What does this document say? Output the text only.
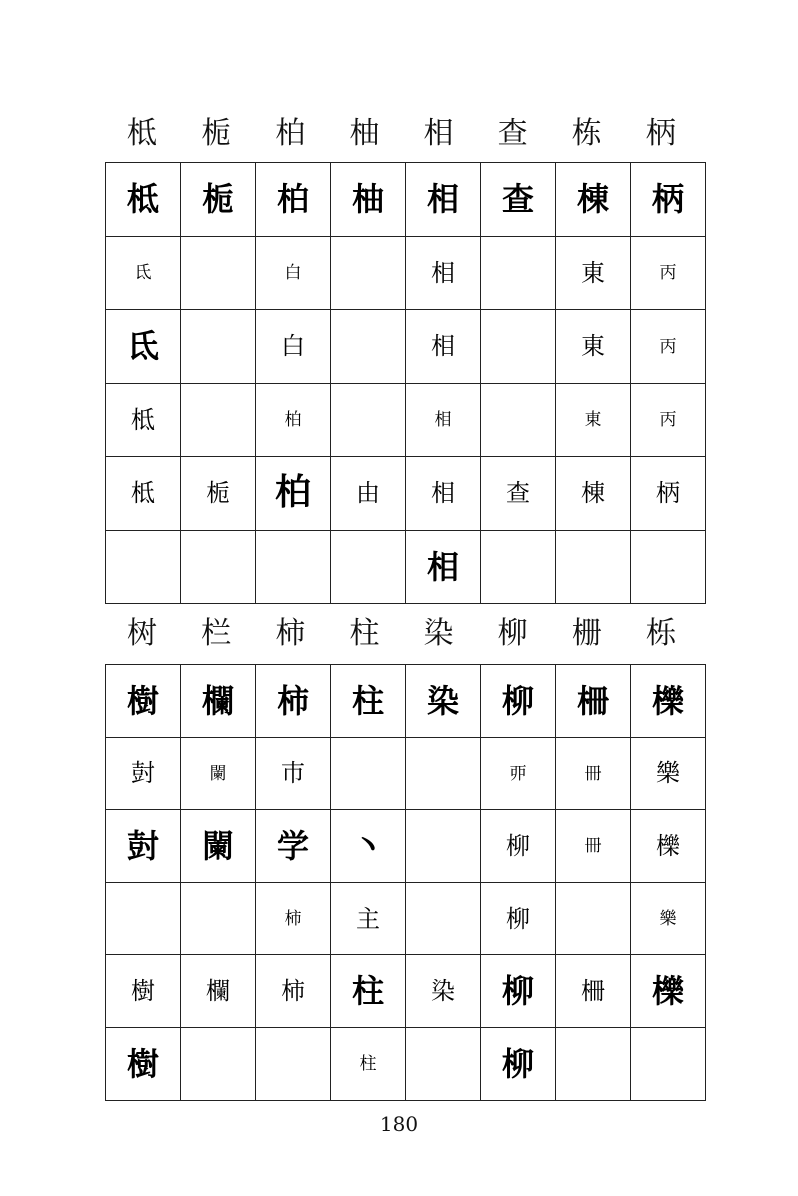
柢	栀	柏	柚	相	查	栋	柄
柢	栀	柏	柚	相	查	棟	柄
氐		白		相		東	丙
氐		白		相		東	丙
柢		柏		相		東	丙
柢	栀	柏	由	相	查	棟	柄
				相			
树	栏	柿	柱	染	柳	栅	栎
樹	欄	柿	柱	染	柳	柵	櫟
尌	闌	巿			丣	冊	樂
尌	闌	学	丶		柳	冊	櫟
		柿	主		柳		樂
樹	欄	柿	柱	染	柳	柵	櫟
樹			柱		柳		
180
